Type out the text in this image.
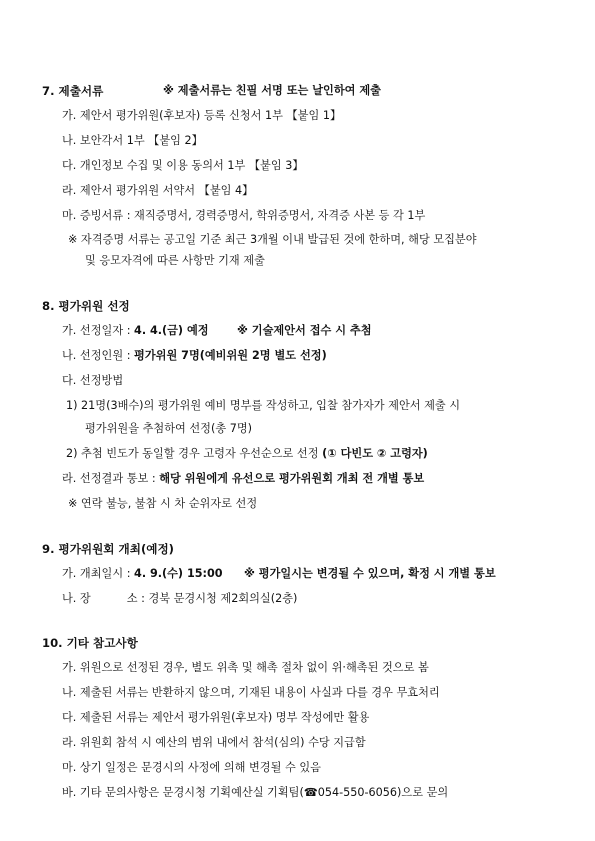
7. 제출서류	※ 제출서류는 친필 서명 또는 날인하여 제출
가. 제안서 평가위원(후보자) 등록 신청서 1부 【붙임 1】
나. 보안각서 1부 【붙임 2】
다. 개인정보 수집 및 이용 동의서 1부 【붙임 3】
라. 제안서 평가위원 서약서 【붙임 4】
마. 증빙서류 : 재직증명서, 경력증명서, 학위증명서, 자격증 사본 등 각 1부
※ 자격증명 서류는 공고일 기준 최근 3개월 이내 발급된 것에 한하며, 해당 모집분야
및 응모자격에 따른 사항만 기재 제출
8. 평가위원 선정
가. 선정일자 : 4. 4.(금) 예정	※ 기술제안서 접수 시 추첨
나. 선정인원 : 평가위원 7명(예비위원 2명 별도 선정)
다. 선정방법
1) 21명(3배수)의 평가위원 예비 명부를 작성하고, 입찰 참가자가 제안서 제출 시
평가위원을 추첨하여 선정(총 7명)
2) 추첨 빈도가 동일할 경우 고령자 우선순으로 선정 (① 다빈도 ② 고령자)
라. 선정결과 통보 : 해당 위원에게 유선으로 평가위원회 개최 전 개별 통보
※ 연락 불능, 불참 시 차 순위자로 선정
9. 평가위원회 개최(예정)
가. 개최일시 : 4. 9.(수) 15:00 ※ 평가일시는 변경될 수 있으며, 확정 시 개별 통보
나. 장	소 : 경북 문경시청 제2회의실(2층)
10. 기타 참고사항
가. 위원으로 선정된 경우, 별도 위촉 및 해촉 절차 없이 위·해촉된 것으로 봄
나. 제출된 서류는 반환하지 않으며, 기재된 내용이 사실과 다를 경우 무효처리
다. 제출된 서류는 제안서 평가위원(후보자) 명부 작성에만 활용
라. 위원회 참석 시 예산의 범위 내에서 참석(심의) 수당 지급함
마. 상기 일정은 문경시의 사정에 의해 변경될 수 있음
바. 기타 문의사항은 문경시청 기획예산실 기획팀(☎054-550-6056)으로 문의
